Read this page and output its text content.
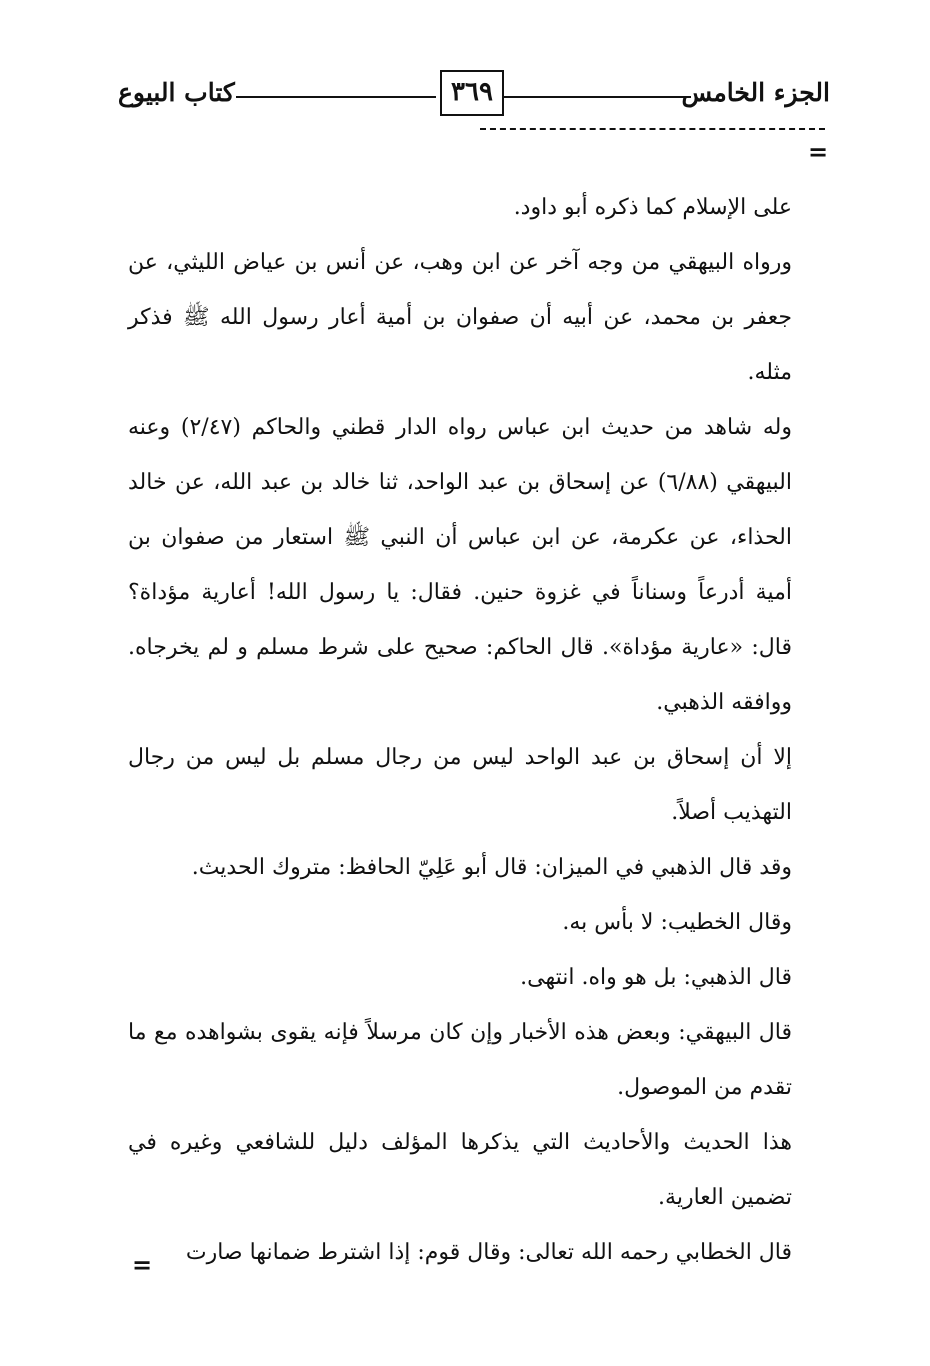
كتاب البيوع	٣٦٩	الجزء الخامس
=

على الإسلام كما ذكره أبو داود.

ورواه البيهقي من وجه آخر عن ابن وهب، عن أنس بن عياض الليثي، عن جعفر بن محمد، عن أبيه أن صفوان بن أمية أعار رسول الله ﷺ فذكر مثله.

وله شاهد من حديث ابن عباس رواه الدار قطني والحاكم (٢/٤٧) وعنه البيهقي (٦/٨٨) عن إسحاق بن عبد الواحد، ثنا خالد بن عبد الله، عن خالد الحذاء، عن عكرمة، عن ابن عباس أن النبي ﷺ استعار من صفوان بن أمية أدرعاً وسناناً في غزوة حنين. فقال: يا رسول الله! أعارية مؤداة؟ قال: «عارية مؤداة». قال الحاكم: صحيح على شرط مسلم و لم يخرجاه. ووافقه الذهبي.

إلا أن إسحاق بن عبد الواحد ليس من رجال مسلم بل ليس من رجال التهذيب أصلاً.

وقد قال الذهبي في الميزان: قال أبو عَلِيّ الحافظ: متروك الحديث.

وقال الخطيب: لا بأس به.

قال الذهبي: بل هو واه. انتهى.

قال البيهقي: وبعض هذه الأخبار وإن كان مرسلاً فإنه يقوى بشواهده مع ما تقدم من الموصول.

هذا الحديث والأحاديث التي يذكرها المؤلف دليل للشافعي وغيره في تضمين العارية.

قال الخطابي رحمه الله تعالى: وقال قوم: إذا اشترط ضمانها صارت

=
